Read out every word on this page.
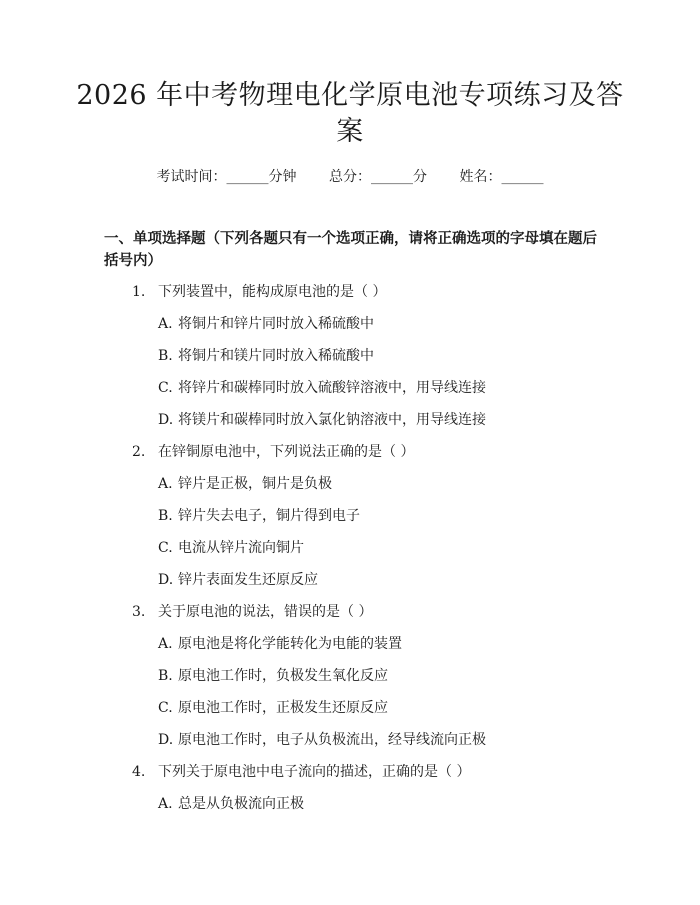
2026 年中考物理电化学原电池专项练习及答
案
考试时间：______分钟 总分：______分 姓名：______
一、单项选择题（下列各题只有一个选项正确，请将正确选项的字母填在题后括号内）
1. 下列装置中，能构成原电池的是（ ）
A. 将铜片和锌片同时放入稀硫酸中
B. 将铜片和镁片同时放入稀硫酸中
C. 将锌片和碳棒同时放入硫酸锌溶液中，用导线连接
D. 将镁片和碳棒同时放入氯化钠溶液中，用导线连接
2. 在锌铜原电池中，下列说法正确的是（ ）
A. 锌片是正极，铜片是负极
B. 锌片失去电子，铜片得到电子
C. 电流从锌片流向铜片
D. 锌片表面发生还原反应
3. 关于原电池的说法，错误的是（ ）
A. 原电池是将化学能转化为电能的装置
B. 原电池工作时，负极发生氧化反应
C. 原电池工作时，正极发生还原反应
D. 原电池工作时，电子从负极流出，经导线流向正极
4. 下列关于原电池中电子流向的描述，正确的是（ ）
A. 总是从负极流向正极
